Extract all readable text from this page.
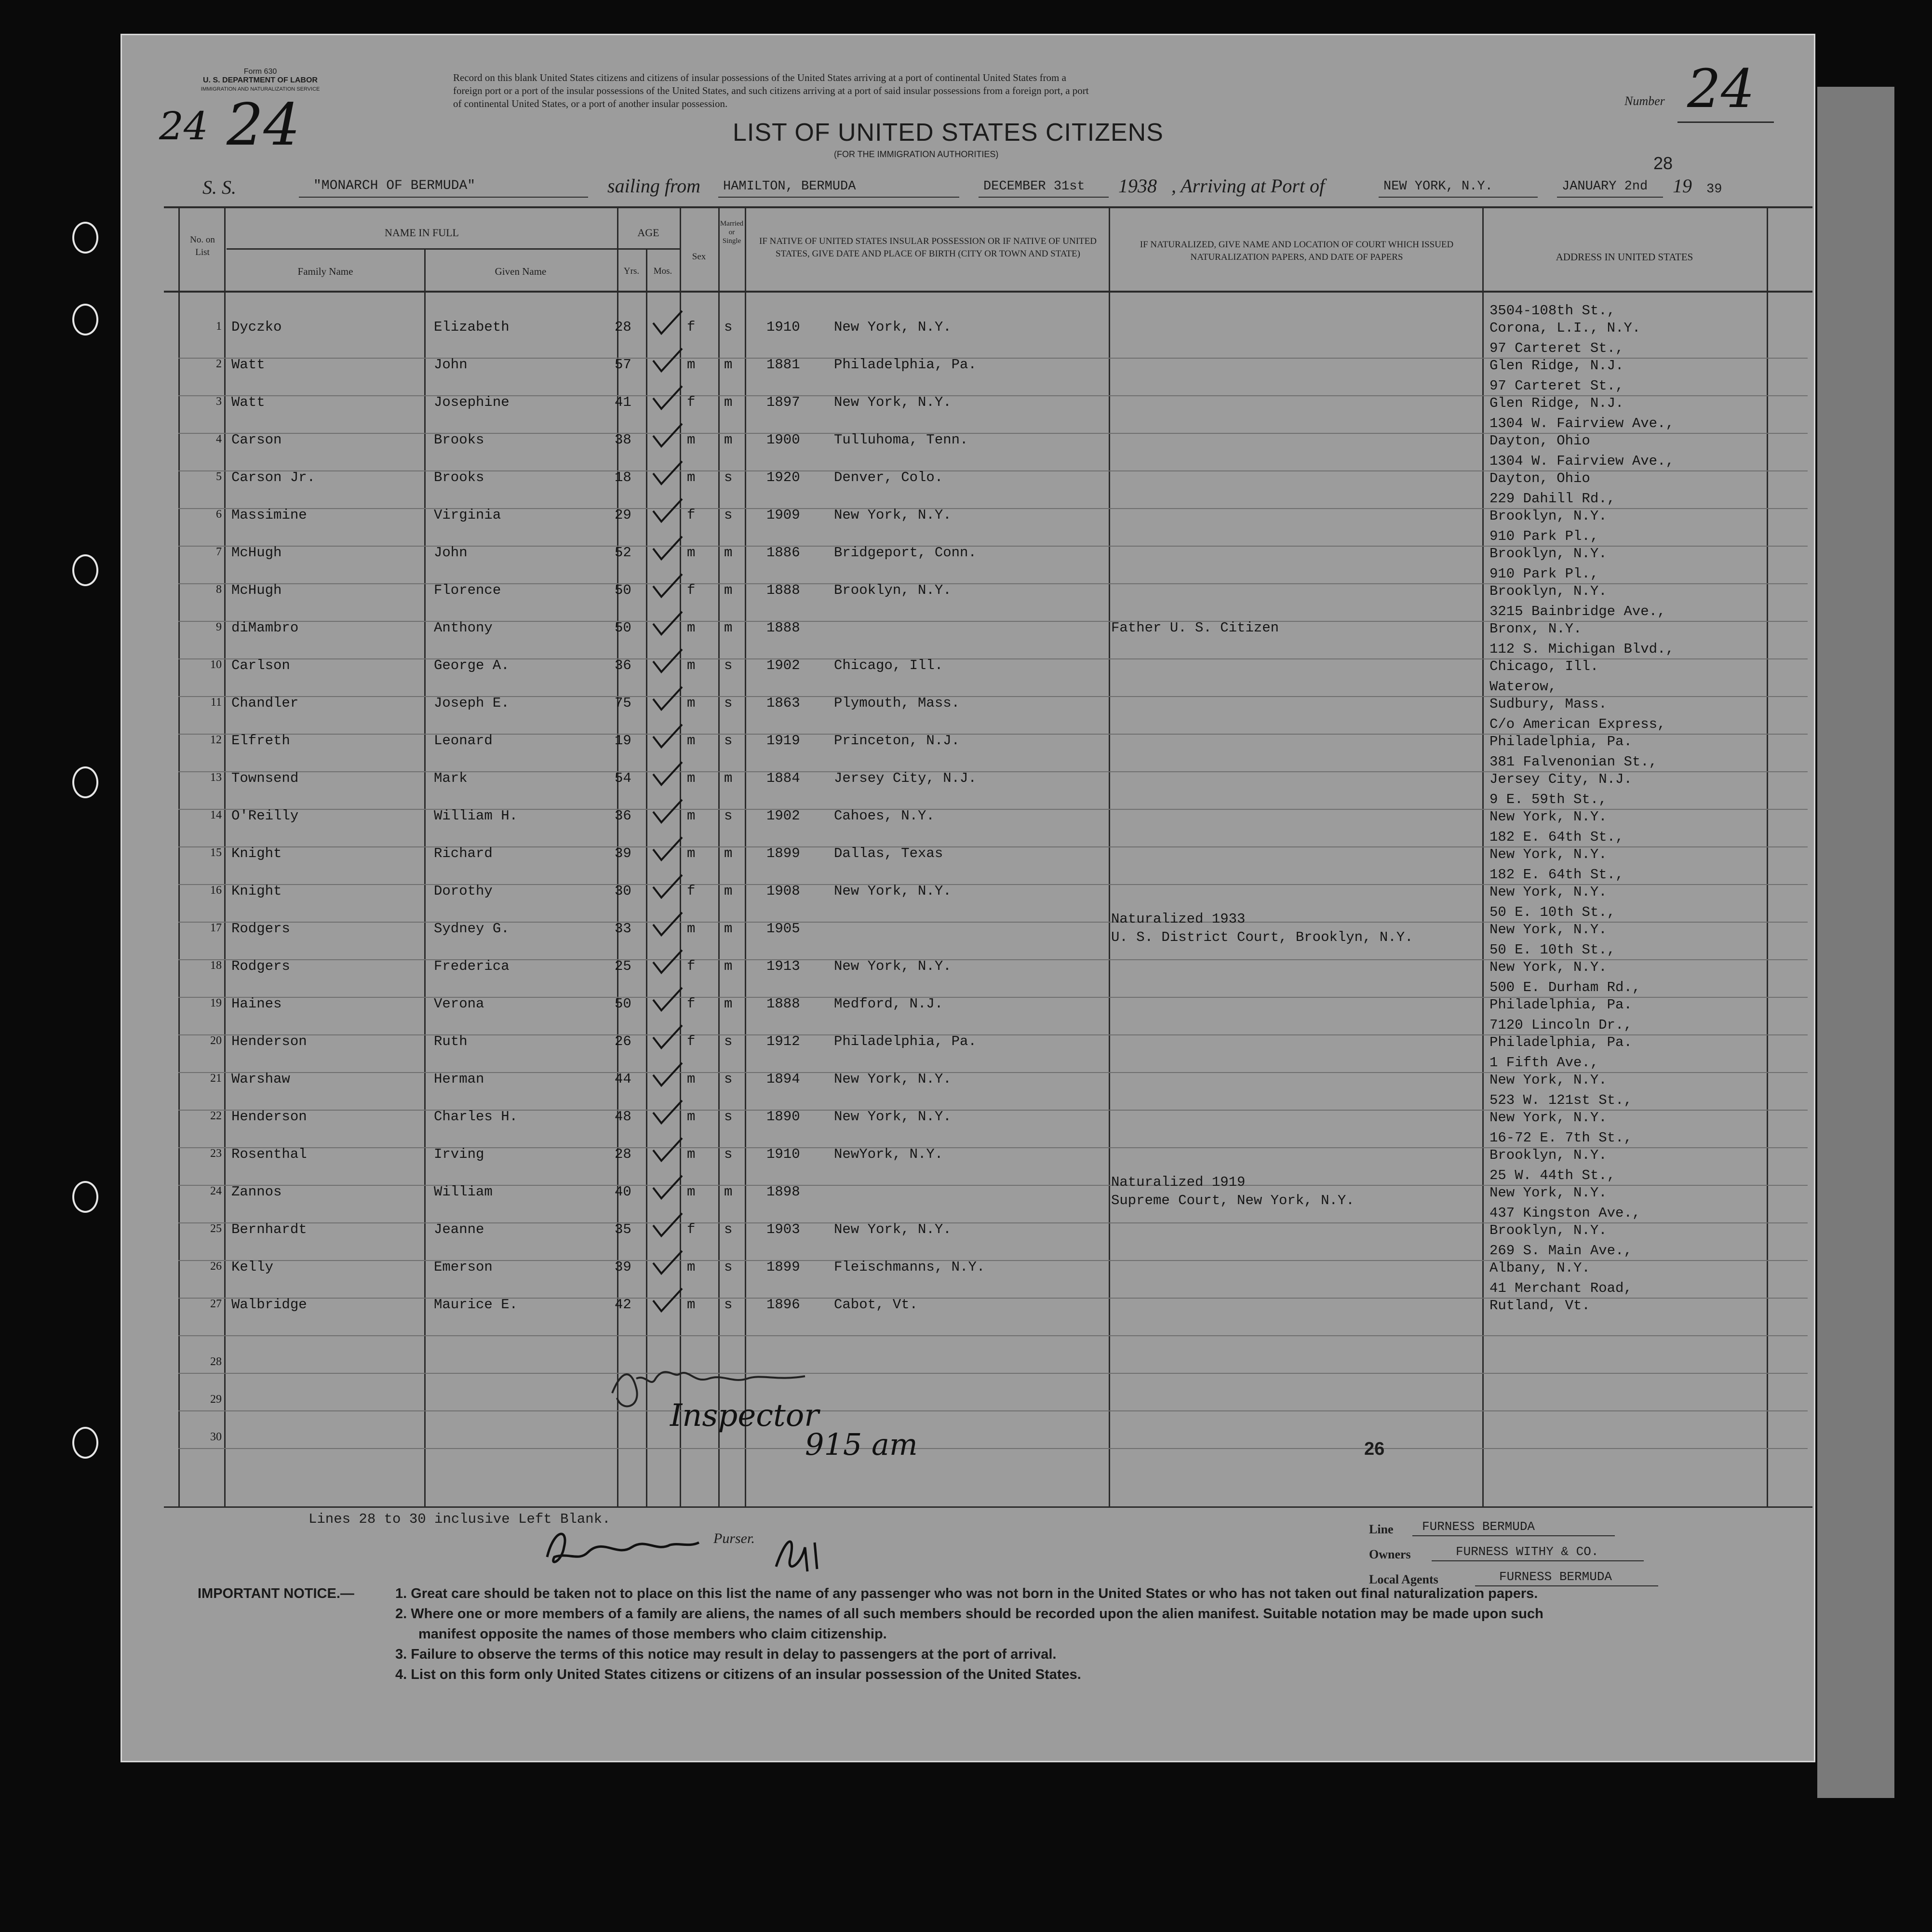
Form 630
U. S. DEPARTMENT OF LABOR
IMMIGRATION AND NATURALIZATION SERVICE
24 24
Record on this blank United States citizens and citizens of insular possessions of the United States arriving at a port of continental United States from a
foreign port or a port of the insular possessions of the United States, and such citizens arriving at a port of said insular possessions from a foreign port, a port
of continental United States, or a port of another insular possession.
LIST OF UNITED STATES CITIZENS
(FOR THE IMMIGRATION AUTHORITIES)
Number 24
S. S.	"MONARCH OF BERMUDA"	sailing from HAMILTON, BERMUDA	DECEMBER 31st 1938 , Arriving at Port of	NEW YORK, N.Y.	JANUARY 2nd 19 39
28
No. on List
NAME IN FULL
Family Name	Given Name
AGE
Yrs.	Mos.
Sex
Married or Single	IF NATIVE OF UNITED STATES INSULAR POSSESSION OR IF NATIVE OF UNITED STATES, GIVE DATE AND PLACE OF BIRTH (CITY OR TOWN AND STATE)
IF NATURALIZED, GIVE NAME AND LOCATION OF COURT WHICH ISSUED NATURALIZATION PAPERS, AND DATE OF PAPERS	ADDRESS IN UNITED STATES
1 Dyczko	Elizabeth	28	f s 1910 New York, N.Y.
3504-108th St.,
Corona, L.I., N.Y.
2 Watt	John	57	m m 1881 Philadelphia, Pa.
97 Carteret St.,
Glen Ridge, N.J.
3 Watt	Josephine	41	f m 1897 New York, N.Y.
97 Carteret St.,
Glen Ridge, N.J.
4 Carson	Brooks	38	m m 1900 Tulluhoma, Tenn.
1304 W. Fairview Ave.,
Dayton, Ohio
5 Carson Jr.	Brooks	18	m s 1920 Denver, Colo.
1304 W. Fairview Ave.,
Dayton, Ohio
6 Massimine	Virginia	29	f s 1909 New York, N.Y.
229 Dahill Rd.,
Brooklyn, N.Y.
7 McHugh	John	52	m m 1886 Bridgeport, Conn.
910 Park Pl.,
Brooklyn, N.Y.
8 McHugh	Florence	50	f m 1888 Brooklyn, N.Y.
910 Park Pl.,
Brooklyn, N.Y.
9 diMambro	Anthony	50	m m 1888	Father U. S. Citizen
3215 Bainbridge Ave.,
Bronx, N.Y.
10 Carlson	George A.	36	m s 1902 Chicago, Ill.
112 S. Michigan Blvd.,
Chicago, Ill.
11 Chandler	Joseph E.	75	m s 1863 Plymouth, Mass.
Waterow,
Sudbury, Mass.
12 Elfreth	Leonard	19	m s 1919 Princeton, N.J.
C/o American Express,
Philadelphia, Pa.
13 Townsend	Mark	54	m m 1884 Jersey City, N.J.
381 Falvenonian St.,
Jersey City, N.J.
14 O'Reilly	William H.	36	m s 1902 Cahoes, N.Y.
9 E. 59th St.,
New York, N.Y.
15 Knight	Richard	39	m m 1899 Dallas, Texas
182 E. 64th St.,
New York, N.Y.
16 Knight	Dorothy	30	f m 1908 New York, N.Y.
182 E. 64th St.,
New York, N.Y.
17 Rodgers	Sydney G.	33	m m 1905
Naturalized 1933
U. S. District Court, Brooklyn, N.Y.
50 E. 10th St.,
New York, N.Y.
18 Rodgers	Frederica	25	f m 1913 New York, N.Y.
50 E. 10th St.,
New York, N.Y.
19 Haines	Verona	50	f m 1888 Medford, N.J.
500 E. Durham Rd.,
Philadelphia, Pa.
20 Henderson	Ruth	26	f s 1912 Philadelphia, Pa.
7120 Lincoln Dr.,
Philadelphia, Pa.
21 Warshaw	Herman	44	m s 1894 New York, N.Y.
1 Fifth Ave.,
New York, N.Y.
22 Henderson	Charles H.	48	m s 1890 New York, N.Y.
523 W. 121st St.,
New York, N.Y.
23 Rosenthal	Irving	28	m s 1910 NewYork, N.Y.
16-72 E. 7th St.,
Brooklyn, N.Y.
24 Zannos	William	40	m m 1898
Naturalized 1919
Supreme Court, New York, N.Y.
25 W. 44th St.,
New York, N.Y.
25 Bernhardt	Jeanne	35	f s 1903 New York, N.Y.
437 Kingston Ave.,
Brooklyn, N.Y.
26 Kelly	Emerson	39	m s 1899 Fleischmanns, N.Y.
269 S. Main Ave.,
Albany, N.Y.
27 Walbridge	Maurice E.	42	m s 1896 Cabot, Vt.
41 Merchant Road,
Rutland, Vt.
28
29
30
Inspector
915 am	26
Lines 28 to 30 inclusive Left Blank.
Purser.
Line FURNESS BERMUDA
Owners	FURNESS WITHY & CO.
Local Agents	FURNESS BERMUDA
IMPORTANT NOTICE.—	1. Great care should be taken not to place on this list the name of any passenger who was not born in the United States or who has not taken out final naturalization papers.
2. Where one or more members of a family are aliens, the names of all such members should be recorded upon the alien manifest. Suitable notation may be made upon such
manifest opposite the names of those members who claim citizenship.
3. Failure to observe the terms of this notice may result in delay to passengers at the port of arrival.
4. List on this form only United States citizens or citizens of an insular possession of the United States.
